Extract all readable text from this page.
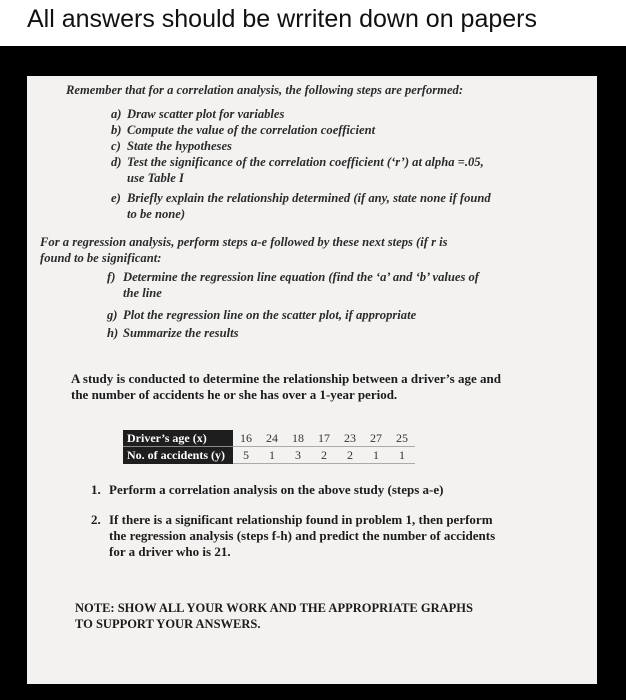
All answers should be wrriten down on papers
Remember that for a correlation analysis, the following steps are performed:
a) Draw scatter plot for variables
b) Compute the value of the correlation coefficient
c) State the hypotheses
d) Test the significance of the correlation coefficient (‘r’) at alpha =.05,
use Table I
e) Briefly explain the relationship determined (if any, state none if found
to be none)
For a regression analysis, perform steps a-e followed by these next steps (if r is
found to be significant:
f) Determine the regression line equation (find the ‘a’ and ‘b’ values of
the line
g) Plot the regression line on the scatter plot, if appropriate
h) Summarize the results
A study is conducted to determine the relationship between a driver’s age and
the number of accidents he or she has over a 1-year period.
Driver’s age (x)	16	24	18	17	23	27	25
No. of accidents (y)	5	1	3	2	2	1	1
1. Perform a correlation analysis on the above study (steps a-e)
2. If there is a significant relationship found in problem 1, then perform
the regression analysis (steps f-h) and predict the number of accidents
for a driver who is 21.
NOTE: SHOW ALL YOUR WORK AND THE APPROPRIATE GRAPHS
TO SUPPORT YOUR ANSWERS.
